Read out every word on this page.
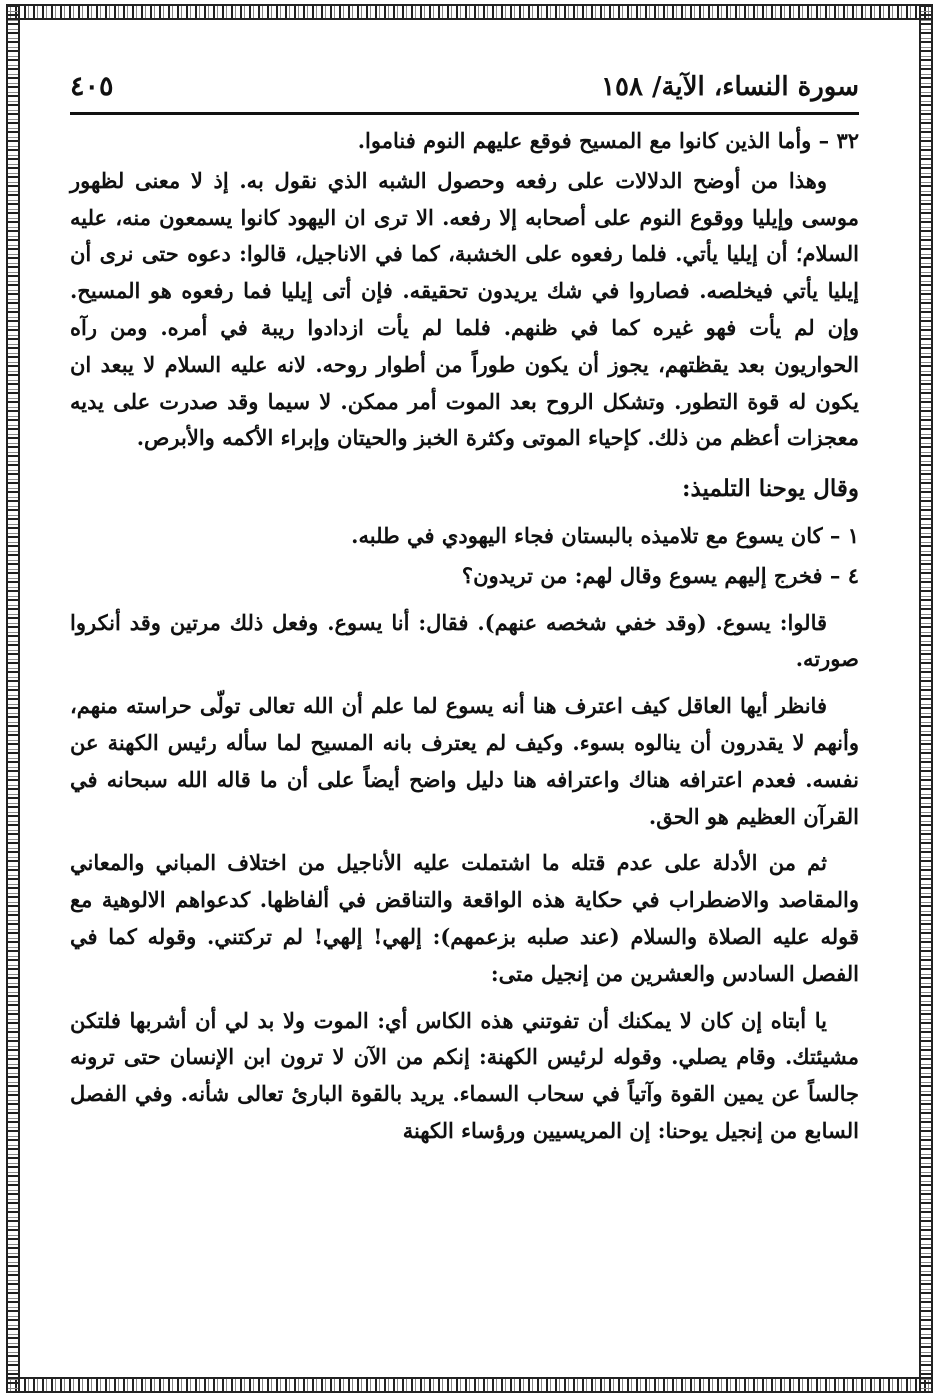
سورة النساء، الآية/ ١٥٨
٤٠٥

٣٢ – وأما الذين كانوا مع المسيح فوقع عليهم النوم فناموا.

وهذا من أوضح الدلالات على رفعه وحصول الشبه الذي نقول به. إذ لا معنى لظهور موسى وإيليا ووقوع النوم على أصحابه إلا رفعه. الا ترى ان اليهود كانوا يسمعون منه، عليه السلام؛ أن إيليا يأتي. فلما رفعوه على الخشبة، كما في الاناجيل، قالوا: دعوه حتى نرى أن إيليا يأتي فيخلصه. فصاروا في شك يريدون تحقيقه. فإن أتى إيليا فما رفعوه هو المسيح. وإن لم يأت فهو غيره كما في ظنهم. فلما لم يأت ازدادوا ريبة في أمره. ومن رآه الحواريون بعد يقظتهم، يجوز أن يكون طوراً من أطوار روحه. لانه عليه السلام لا يبعد ان يكون له قوة التطور. وتشكل الروح بعد الموت أمر ممكن. لا سيما وقد صدرت على يديه معجزات أعظم من ذلك. كإحياء الموتى وكثرة الخبز والحيتان وإبراء الأكمه والأبرص.

وقال يوحنا التلميذ:

١ – كان يسوع مع تلاميذه بالبستان فجاء اليهودي في طلبه.

٤ – فخرج إليهم يسوع وقال لهم: من تريدون؟

قالوا: يسوع. (وقد خفي شخصه عنهم). فقال: أنا يسوع. وفعل ذلك مرتين وقد أنكروا صورته.

فانظر أيها العاقل كيف اعترف هنا أنه يسوع لما علم أن الله تعالى تولّى حراسته منهم، وأنهم لا يقدرون أن ينالوه بسوء. وكيف لم يعترف بانه المسيح لما سأله رئيس الكهنة عن نفسه. فعدم اعترافه هناك واعترافه هنا دليل واضح أيضاً على أن ما قاله الله سبحانه في القرآن العظيم هو الحق.

ثم من الأدلة على عدم قتله ما اشتملت عليه الأناجيل من اختلاف المباني والمعاني والمقاصد والاضطراب في حكاية هذه الواقعة والتناقض في ألفاظها. كدعواهم الالوهية مع قوله عليه الصلاة والسلام (عند صلبه بزعمهم): إلهي! إلهي! لم تركتني. وقوله كما في الفصل السادس والعشرين من إنجيل متى:

يا أبتاه إن كان لا يمكنك أن تفوتني هذه الكاس أي: الموت ولا بد لي أن أشربها فلتكن مشيئتك. وقام يصلي. وقوله لرئيس الكهنة: إنكم من الآن لا ترون ابن الإنسان حتى ترونه جالساً عن يمين القوة وآتياً في سحاب السماء. يريد بالقوة البارئ تعالى شأنه. وفي الفصل السابع من إنجيل يوحنا: إن المريسيين ورؤساء الكهنة
